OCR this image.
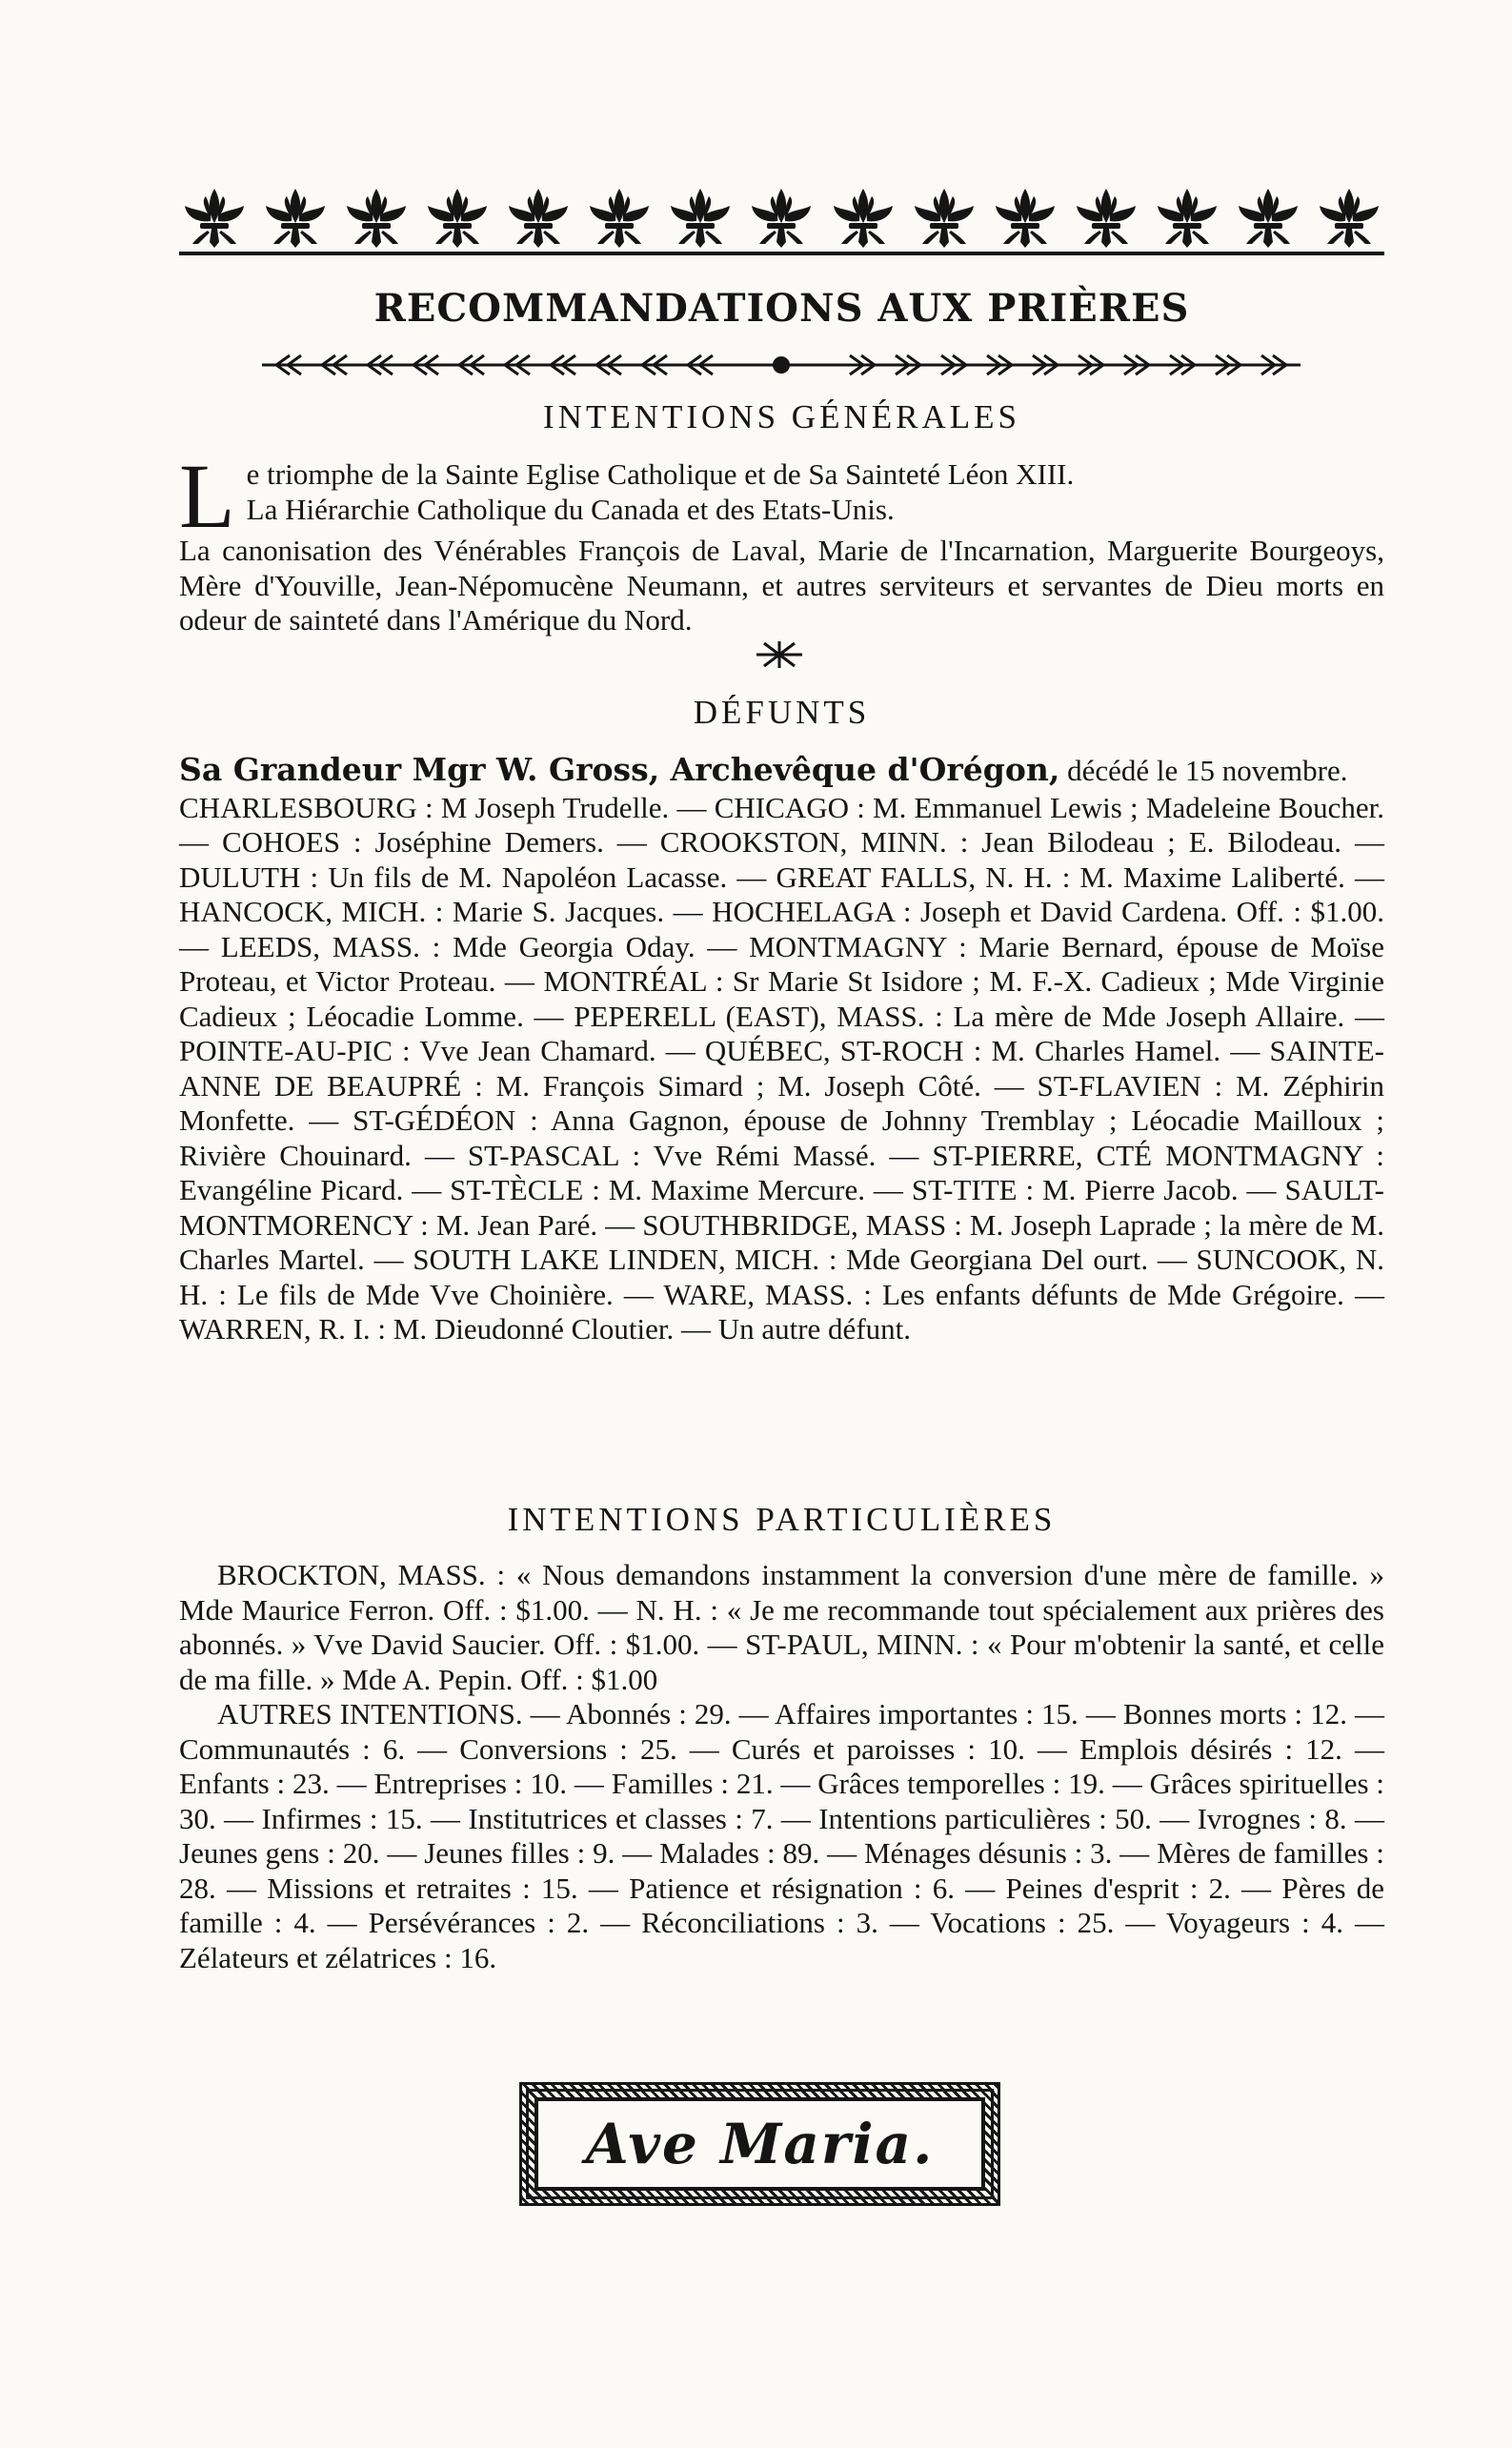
RECOMMANDATIONS AUX PRIÈRES
INTENTIONS GÉNÉRALES
L e triomphe de la Sainte Eglise Catholique et de Sa Sainteté Léon XIII.

La Hiérarchie Catholique du Canada et des Etats-Unis.

La canonisation des Vénérables François de Laval, Marie de l'Incarnation, Marguerite Bourgeoys, Mère d'Youville, Jean-Népomucène Neumann, et autres serviteurs et servantes de Dieu morts en odeur de sainteté dans l'Amérique du Nord.

DÉFUNTS

Sa Grandeur Mgr W. Gross, Archevêque d'Orégon, décédé le 15 novembre.

CHARLESBOURG : M Joseph Trudelle. — CHICAGO : M. Emmanuel Lewis ; Madeleine Boucher. — COHOES : Joséphine Demers. — CROOKSTON, MINN. : Jean Bilodeau ; E. Bilodeau. — DULUTH : Un fils de M. Napoléon Lacasse. — GREAT FALLS, N. H. : M. Maxime Laliberté. — HANCOCK, MICH. : Marie S. Jacques. — HOCHELAGA : Joseph et David Cardena. Off. : $1.00. — LEEDS, MASS. : Mde Georgia Oday. — MONTMAGNY : Marie Bernard, épouse de Moïse Proteau, et Victor Proteau. — MONTRÉAL : Sr Marie St Isidore ; M. F.-X. Cadieux ; Mde Virginie Cadieux ; Léocadie Lomme. — PEPERELL (EAST), MASS. : La mère de Mde Joseph Allaire. — POINTE-AU-PIC : Vve Jean Chamard. — QUÉBEC, ST-ROCH : M. Charles Hamel. — SAINTE-ANNE DE BEAUPRÉ : M. François Simard ; M. Joseph Côté. — ST-FLAVIEN : M. Zéphirin Monfette. — ST-GÉDÉON : Anna Gagnon, épouse de Johnny Tremblay ; Léocadie Mailloux ; Rivière Chouinard. — ST-PASCAL : Vve Rémi Massé. — ST-PIERRE, CTÉ MONTMAGNY : Evangéline Picard. — ST-TÈCLE : M. Maxime Mercure. — ST-TITE : M. Pierre Jacob. — SAULT-MONTMORENCY : M. Jean Paré. — SOUTHBRIDGE, MASS : M. Joseph Laprade ; la mère de M. Charles Martel. — SOUTH LAKE LINDEN, MICH. : Mde Georgiana Del ourt. — SUNCOOK, N. H. : Le fils de Mde Vve Choinière. — WARE, MASS. : Les enfants défunts de Mde Grégoire. — WARREN, R. I. : M. Dieudonné Cloutier. — Un autre défunt.

INTENTIONS PARTICULIÈRES

BROCKTON, MASS. : « Nous demandons instamment la conversion d'une mère de famille. » Mde Maurice Ferron. Off. : $1.00. — N. H. : « Je me recommande tout spécialement aux prières des abonnés. » Vve David Saucier. Off. : $1.00. — ST-PAUL, MINN. : « Pour m'obtenir la santé, et celle de ma fille. » Mde A. Pepin. Off. : $1.00

AUTRES INTENTIONS. — Abonnés : 29. — Affaires importantes : 15. — Bonnes morts : 12. — Communautés : 6. — Conversions : 25. — Curés et paroisses : 10. — Emplois désirés : 12. — Enfants : 23. — Entreprises : 10. — Familles : 21. — Grâces temporelles : 19. — Grâces spirituelles : 30. — Infirmes : 15. — Institutrices et classes : 7. — Intentions particulières : 50. — Ivrognes : 8. — Jeunes gens : 20. — Jeunes filles : 9. — Malades : 89. — Ménages désunis : 3. — Mères de familles : 28. — Missions et retraites : 15. — Patience et résignation : 6. — Peines d'esprit : 2. — Pères de famille : 4. — Persévérances : 2. — Réconciliations : 3. — Vocations : 25. — Voyageurs : 4. — Zélateurs et zélatrices : 16.

Ave Maria.
